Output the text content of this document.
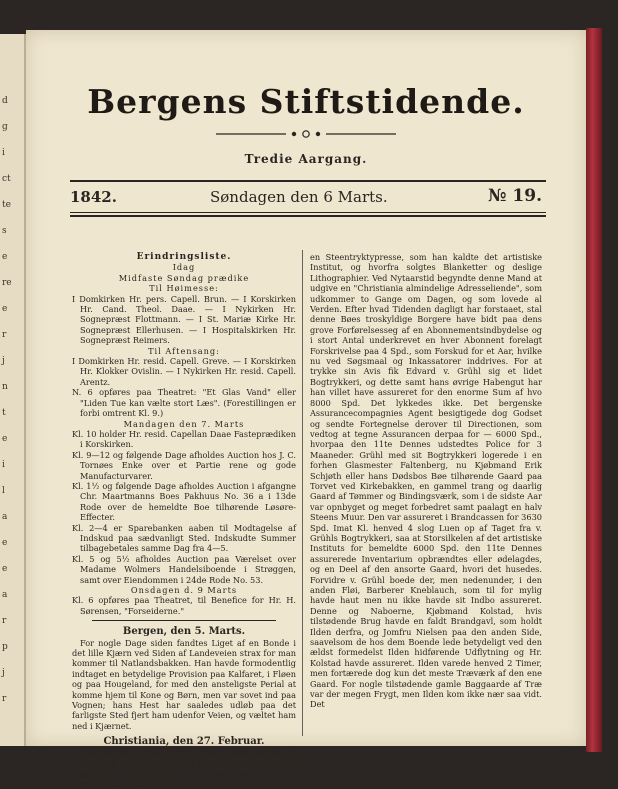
d
g
i
ct
te
s
e
re
e
r
j
n
t
e
i
l
a
e
e
a
r
p
j
r
Bergens Stiftstidende.
Tredie Aargang.
1842.	Søndagen den 6 Marts.	№ 19.
Erindringsliste.
Idag
Midfaste Søndag prædike
Til Høimesse:

I Domkirken Hr. pers. Capell. Brun. — I Korskirken Hr. Cand. Theol. Daae. — I Nykirken Hr. Sognepræst Flottmann. — I St. Mariæ Kirke Hr. Sognepræst Ellerhusen. — I Hospitalskirken Hr. Sognepræst Reimers.

Til Aftensang:

I Domkirken Hr. resid. Capell. Greve. — I Korskirken Hr. Klokker Ovislin. — I Nykirken Hr. resid. Capell. Arentz.

N. 6 opføres paa Theatret: "Et Glas Vand" eller "Liden Tue kan vælte stort Læs". (Forestillingen er forbi omtrent Kl. 9.)

Mandagen den 7. Marts

Kl. 10 holder Hr. resid. Capellan Daae Fasteprædiken i Korskirken.

Kl. 9—12 og følgende Dage afholdes Auction hos J. C. Tornøes Enke over et Partie rene og gode Manufacturvarer.

Kl. 1½ og følgende Dage afholdes Auction i afgangne Chr. Maartmanns Boes Pakhuus No. 36 a i 13de Rode over de hemeldte Boe tilhørende Løsøre-Effecter.

Kl. 2—4 er Sparebanken aaben til Modtagelse af Indskud paa sædvanligt Sted. Indskudte Summer tilbagebetales samme Dag fra 4—5.

Kl. 5 og 5½ afholdes Auction paa Værelset over Madame Wolmers Handelsiboende i Strøggen, samt over Eiendommen i 24de Rode No. 53.

Onsdagen d. 9 Marts

Kl. 6 opføres paa Theatret, til Benefice for Hr. H. Sørensen, "Forseiderne."

Bergen, den 5. Marts.

For nogle Dage siden fandtes Liget af en Bonde i det lille Kjærn ved Siden af Landeveien strax for man kommer til Natlandsbakken. Han havde formodentlig indtaget en betydelige Provision paa Kalfaret, i Fløen og paa Hougeland, for med den ansteligste Perial at komme hjem til Kone og Børn, men var sovet ind paa Vognen; hans Hest har saaledes udløb paa det farligste Sted fjert ham udenfor Veien, og væltet ham ned i Kjærnet.

Christiania, den 27. Februar.

Enkelte Gange har i dette Blad været omtalt en Indretning ved Navn Edvard v. Grühl, som for mere end et Aar siden efter diverse Fala i andre Lande kom herind og anlagde

en Steentryktypresse, som han kaldte det artistiske Institut, og hvorfra solgtes Blanketter og deslige Lithographier. Ved Nytaarstid begyndte denne Mand at udgive en "Christiania almindelige Adresseliende", som udkommer to Gange om Dagen, og som lovede al Verden. Efter hvad Tidenden dagligt har forstaaet, stal denne Bøes troskyldige Borgere have bidt paa dens grove Forførelsesseg af en Abonnementsindbydelse og i stort Antal underkrevet en hver Abonnent forelagt Forskrivelse paa 4 Spd., som Forskud for et Aar, hvilke nu ved Søgsmaal og Inkassatorer inddrives. For at trykke sin Avis fik Edvard v. Grühl sig et lidet Bogtrykkeri, og dette samt hans øvrige Habengut har han villet have assureret for den enorme Sum af hvo 8000 Spd. Det lykkedes ikke. Det bergenske Assurancecompagnies Agent besigtigede dog Godset og sendte Fortegnelse derover til Directionen, som vedtog at tegne Assurancen derpaa for — 6000 Spd., hvorpaa den 11te Dennes udstedtes Police for 3 Maaneder. Grühl med sit Bogtrykkeri logerede i en forhen Glasmester Faltenberg, nu Kjøbmand Erik Schjøth eller hans Dødsbos Bøe tilhørende Gaard paa Torvet ved Kirkebakken, en gammel trang og daarlig Gaard af Tømmer og Bindingsværk, som i de sidste Aar var opnbyget og meget forbedret samt paalagt en halv Steens Muur. Den var assureret i Brandcassen for 3630 Spd. Imat Kl. henved 4 slog Luen op af Taget fra v. Grühls Bogtrykkeri, saa at Storsilkelen af det artistiske Instituts for bemeldte 6000 Spd. den 11te Dennes assurerede Inventarium opbrændtes eller ødelagdes, og en Deel af den ansorte Gaard, hvori det husedes. Forvidre v. Grühl boede der, men nedenunder, i den anden Fløi, Barberer Kneblauch, som til for mylig havde haut men nu ikke havde sit Indbo assureret. Denne og Naboerne, Kjøbmand Kolstad, hvis tilstødende Brug havde en faldt Brandgavl, som holdt Ilden derfra, og Jomfru Nielsen paa den anden Side, saavelsom de hos dem Boende lede betydeligt ved den ældst formedelst Ilden hidførende Udflytning og Hr. Kolstad havde assureret. Ilden varede henved 2 Timer, men fortærede dog kun det meste Træværk af den ene Gaard. For nogle tilstødende gamle Baggaarde af Træ var der megen Frygt, men Ilden kom ikke nær saa vidt. Det
